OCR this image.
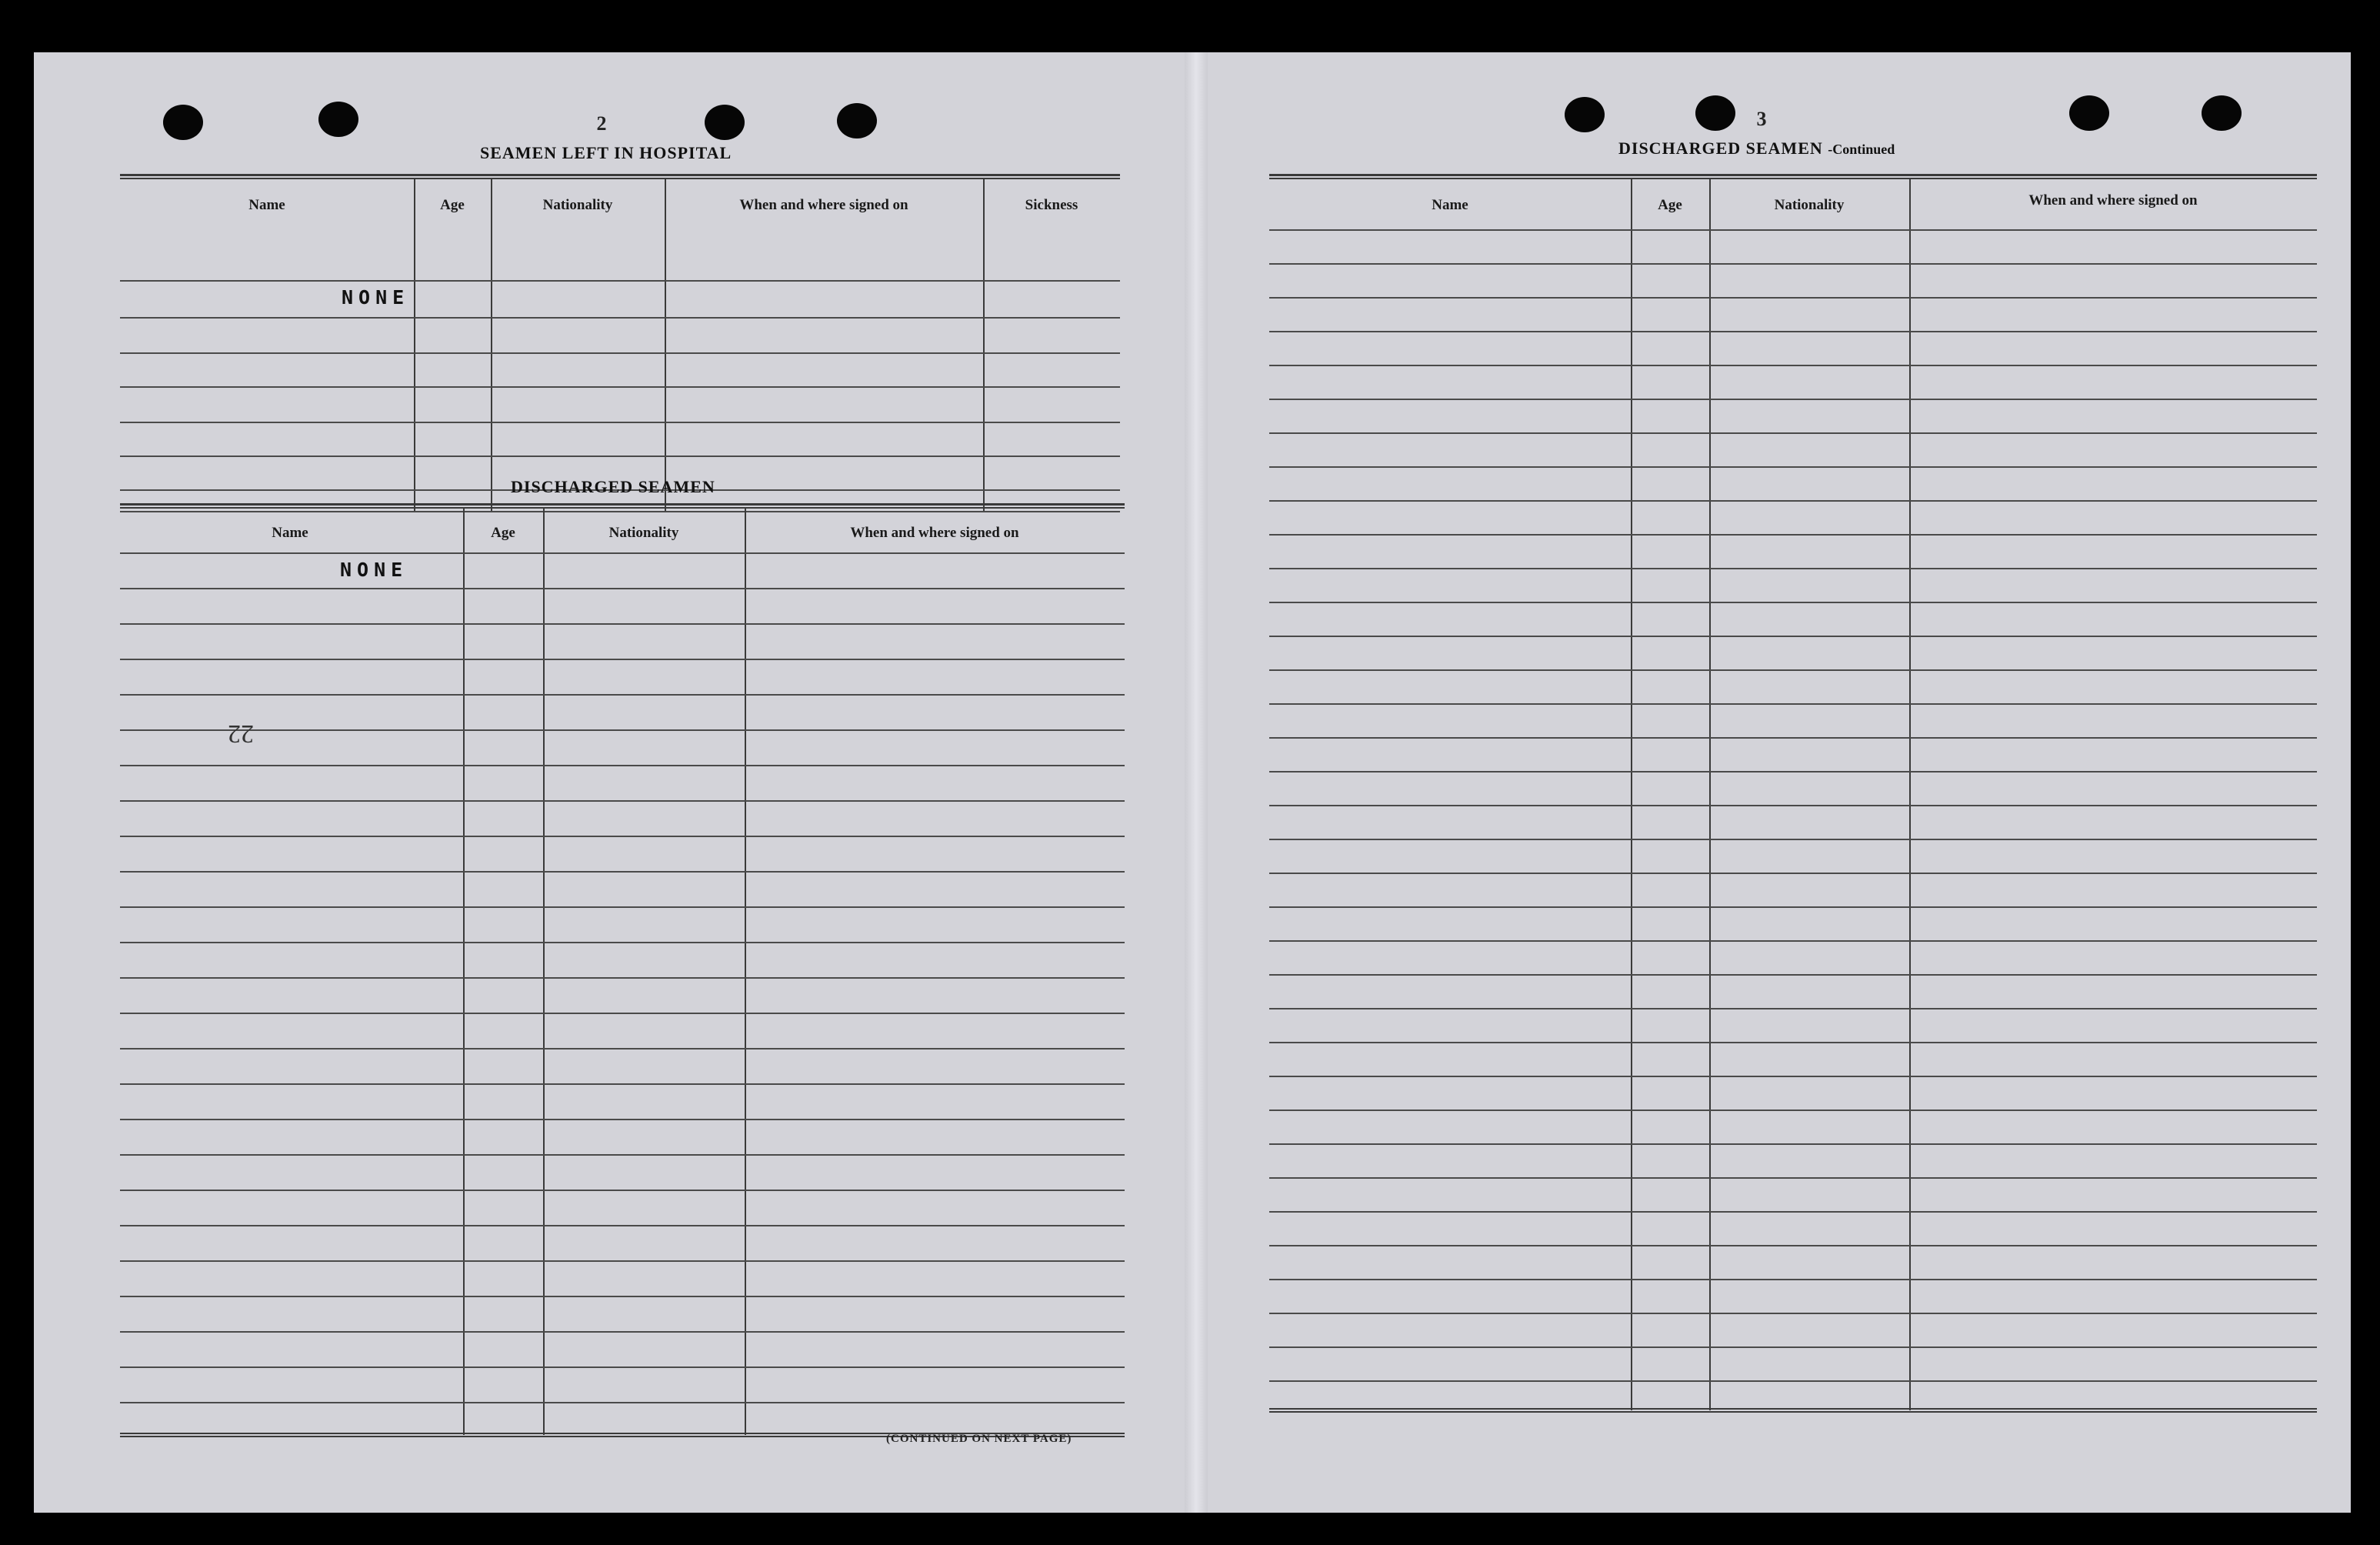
2
SEAMEN LEFT IN HOSPITAL
Name	Age	Nationality	When and where signed on	Sickness
NONE
DISCHARGED SEAMEN
Name	Age	Nationality	When and where signed on
NONE
22
(CONTINUED ON NEXT PAGE)
3
DISCHARGED SEAMEN -Continued
Name	Age	Nationality	When and where signed on
